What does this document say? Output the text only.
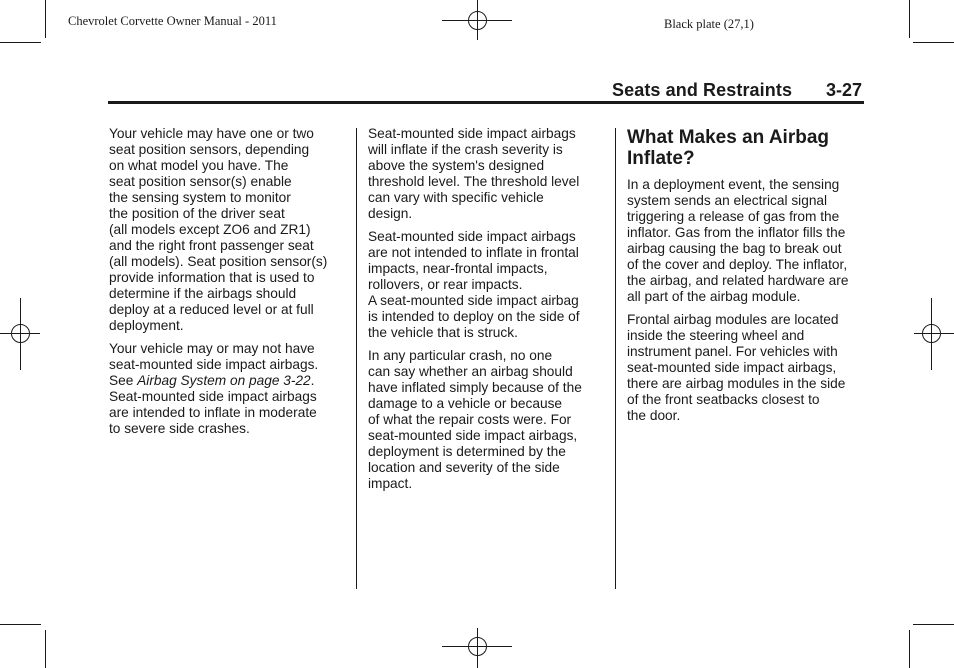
Chevrolet Corvette Owner Manual - 2011	Black plate (27,1)
Seats and Restraints 3-27

Your vehicle may have one or two
seat position sensors, depending
on what model you have. The
seat position sensor(s) enable
the sensing system to monitor
the position of the driver seat
(all models except ZO6 and ZR1)
and the right front passenger seat
(all models). Seat position sensor(s)
provide information that is used to
determine if the airbags should
deploy at a reduced level or at full
deployment.

Your vehicle may or may not have
seat-mounted side impact airbags.
See Airbag System on page 3-22.
Seat-mounted side impact airbags
are intended to inflate in moderate
to severe side crashes.

Seat-mounted side impact airbags
will inflate if the crash severity is
above the system's designed
threshold level. The threshold level
can vary with specific vehicle
design.

Seat-mounted side impact airbags
are not intended to inflate in frontal
impacts, near-frontal impacts,
rollovers, or rear impacts.
A seat-mounted side impact airbag
is intended to deploy on the side of
the vehicle that is struck.

In any particular crash, no one
can say whether an airbag should
have inflated simply because of the
damage to a vehicle or because
of what the repair costs were. For
seat-mounted side impact airbags,
deployment is determined by the
location and severity of the side
impact.

What Makes an Airbag
Inflate?

In a deployment event, the sensing
system sends an electrical signal
triggering a release of gas from the
inflator. Gas from the inflator fills the
airbag causing the bag to break out
of the cover and deploy. The inflator,
the airbag, and related hardware are
all part of the airbag module.

Frontal airbag modules are located
inside the steering wheel and
instrument panel. For vehicles with
seat-mounted side impact airbags,
there are airbag modules in the side
of the front seatbacks closest to
the door.
